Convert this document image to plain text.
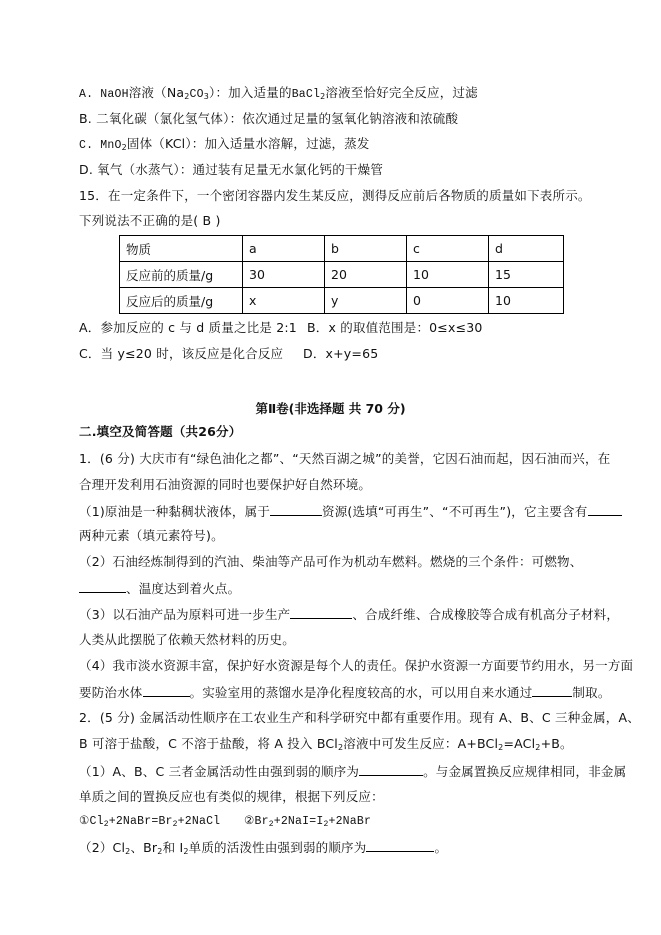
A. NaOH溶液$(Na_2CO_3)$：加入适量的BaCl$_2$溶液至恰好完全反应，过滤
B. 二氧化碳（氯化氢气体）：依次通过足量的氢氧化钠溶液和浓硫酸
C. MnO$_2$固体（KCl）：加入适量水溶解，过滤，蒸发
D. 氧气（水蒸气）：通过装有足量无水氯化钙的干燥管
15．在一定条件下，一个密闭容器内发生某反应，测得反应前后各物质的质量如下表所示。
下列说法不正确的是( B )
物质	a	b	c	d
反应前的质量/g	30	20	10	15
反应后的质量/g	x	y	0	10
A．参加反应的 c 与 d 质量之比是 2:1 B．x 的取值范围是：0≤x≤30
C．当 y≤20 时，该反应是化合反应 D．x+y=65
第Ⅱ卷(非选择题 共 70 分)
二.填空及简答题（共26分）
1．(6 分) 大庆市有“绿色油化之都”、“天然百湖之城”的美誉，它因石油而起，因石油而兴，在
合理开发利用石油资源的同时也要保护好自然环境。
（1)原油是一种黏稠状液体，属于	资源(选填“可再生”、“不可再生”)，它主要含有
两种元素（填元素符号)。
（2）石油经炼制得到的汽油、柴油等产品可作为机动车燃料。燃烧的三个条件：可燃物、
、温度达到着火点。
（3）以石油产品为原料可进一步生产	、合成纤维、合成橡胶等合成有机高分子材料，
人类从此摆脱了依赖天然材料的历史。
（4）我市淡水资源丰富，保护好水资源是每个人的责任。保护水资源一方面要节约用水，另一方面
要防治水体	。实验室用的蒸馏水是净化程度较高的水，可以用自来水通过	制取。
2．(5 分) 金属活动性顺序在工农业生产和科学研究中都有重要作用。现有 A、B、C 三种金属，A、
B 可溶于盐酸，C 不溶于盐酸，将 A 投入 BCl$_2$溶液中可发生反应：A+BCl$_2$=ACl$_2$+B。
（1）A、B、C 三者金属活动性由强到弱的顺序为	。与金属置换反应规律相同，非金属
单质之间的置换反应也有类似的规律，根据下列反应：
$①Cl_2+2NaBr=Br_2+2NaCl$ $②Br_2+2NaI=I_2+2NaBr$
$(2)Cl_2$、$Br_2$和 $I_2$单质的活泼性由强到弱的顺序为	。
